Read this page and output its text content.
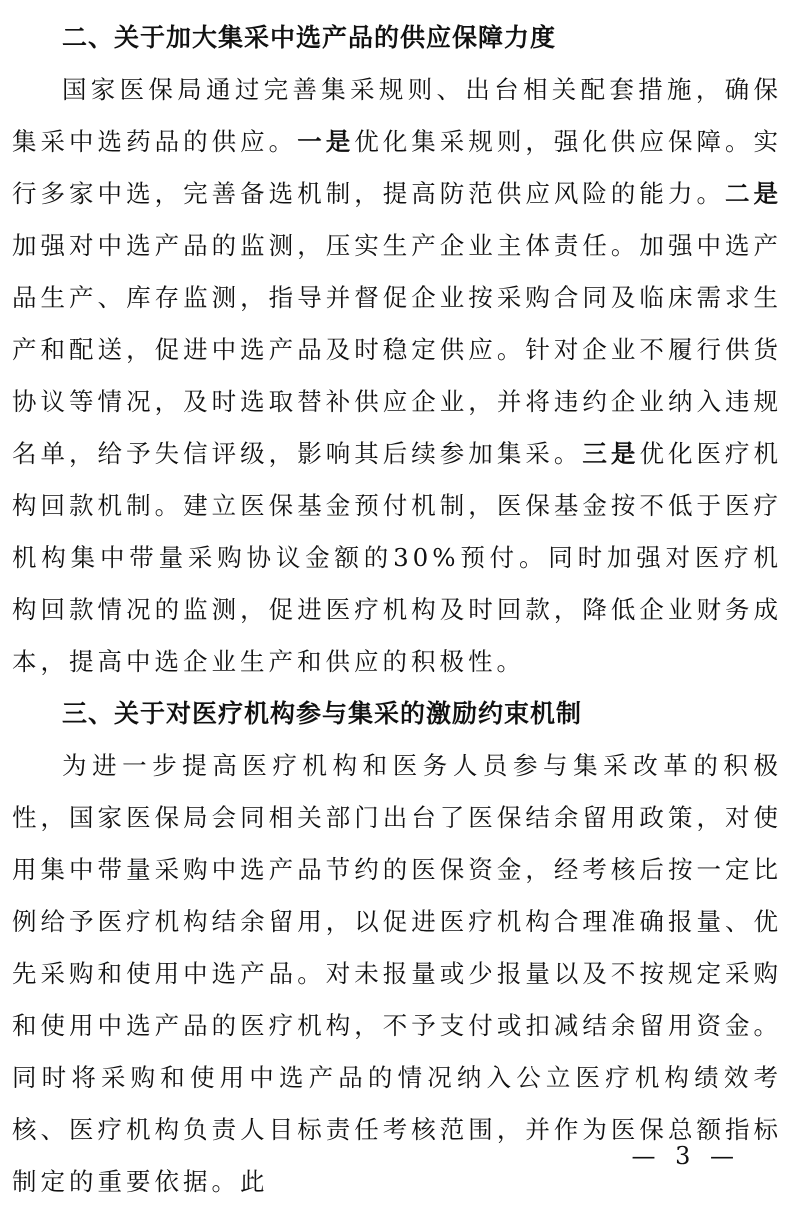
二、关于加大集采中选产品的供应保障力度

国家医保局通过完善集采规则、出台相关配套措施，确保集采中选药品的供应。一是优化集采规则，强化供应保障。实行多家中选，完善备选机制，提高防范供应风险的能力。二是加强对中选产品的监测，压实生产企业主体责任。加强中选产品生产、库存监测，指导并督促企业按采购合同及临床需求生产和配送，促进中选产品及时稳定供应。针对企业不履行供货协议等情况，及时选取替补供应企业，并将违约企业纳入违规名单，给予失信评级，影响其后续参加集采。三是优化医疗机构回款机制。建立医保基金预付机制，医保基金按不低于医疗机构集中带量采购协议金额的30%预付。同时加强对医疗机构回款情况的监测，促进医疗机构及时回款，降低企业财务成本，提高中选企业生产和供应的积极性。

三、关于对医疗机构参与集采的激励约束机制

为进一步提高医疗机构和医务人员参与集采改革的积极性，国家医保局会同相关部门出台了医保结余留用政策，对使用集中带量采购中选产品节约的医保资金，经考核后按一定比例给予医疗机构结余留用，以促进医疗机构合理准确报量、优先采购和使用中选产品。对未报量或少报量以及不按规定采购和使用中选产品的医疗机构，不予支付或扣减结余留用资金。同时将采购和使用中选产品的情况纳入公立医疗机构绩效考核、医疗机构负责人目标责任考核范围，并作为医保总额指标制定的重要依据。此

— 3 —
